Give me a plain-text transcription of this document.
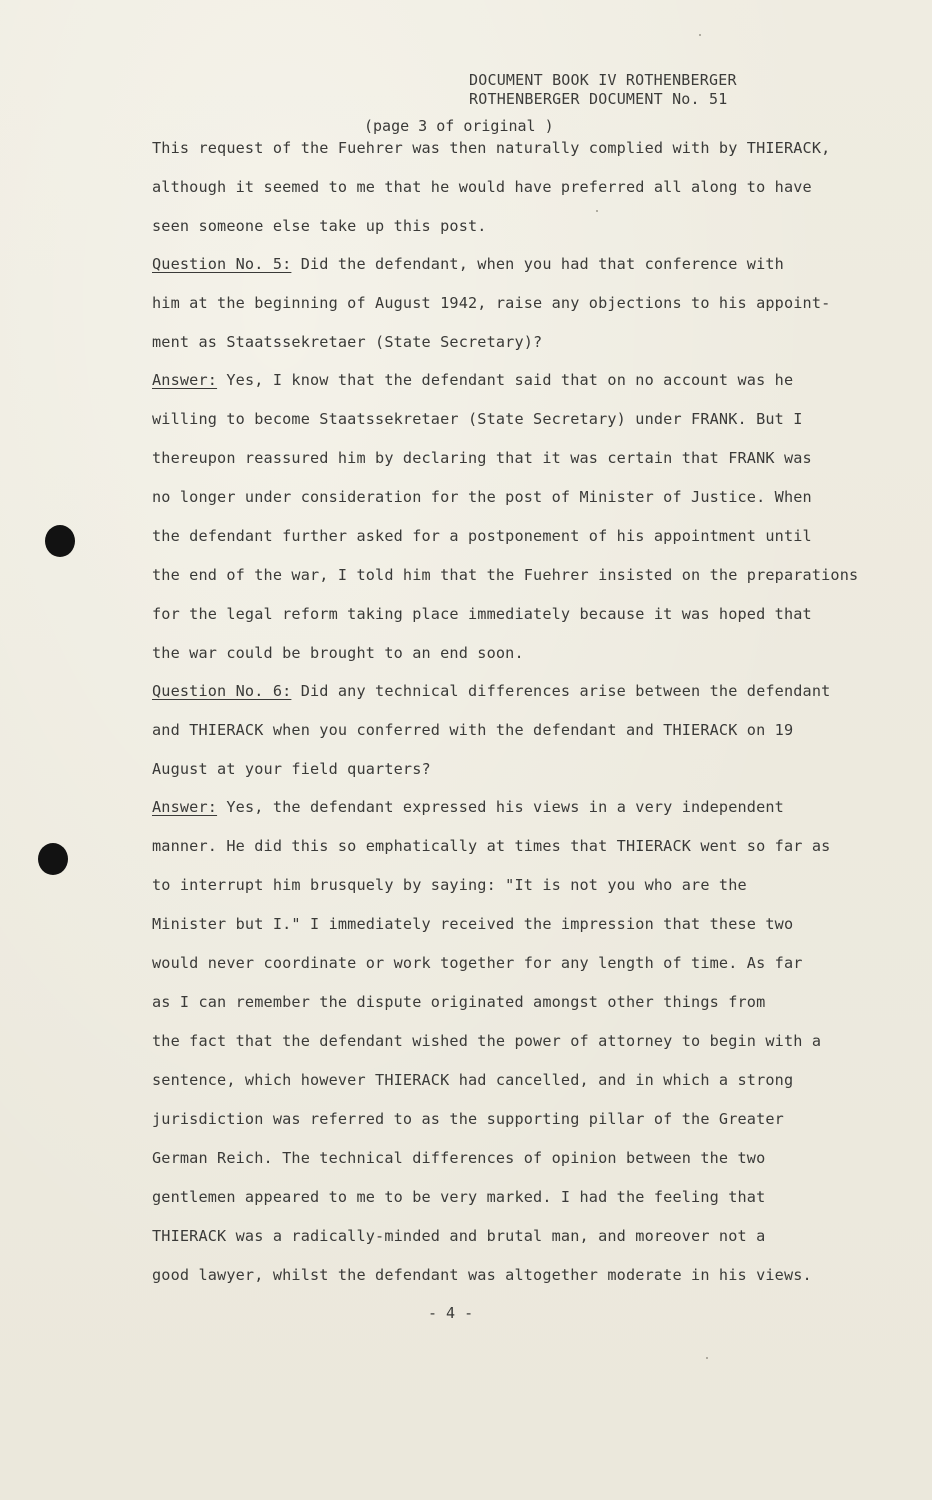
DOCUMENT BOOK IV ROTHENBERGER
ROTHENBERGER DOCUMENT No. 51
(page 3 of original )
This request of the Fuehrer was then naturally complied with by THIERACK,
although it seemed to me that he would have preferred all along to have
seen someone else take up this post.
Question No. 5: Did the defendant, when you had that conference with
him at the beginning of August 1942, raise any objections to his appoint-
ment as Staatssekretaer (State Secretary)?
Answer: Yes, I know that the defendant said that on no account was he
willing to become Staatssekretaer (State Secretary) under FRANK. But I
thereupon reassured him by declaring that it was certain that FRANK was
no longer under consideration for the post of Minister of Justice. When
the defendant further asked for a postponement of his appointment until
the end of the war, I told him that the Fuehrer insisted on the preparations
for the legal reform taking place immediately because it was hoped that
the war could be brought to an end soon.
Question No. 6: Did any technical differences arise between the defendant
and THIERACK when you conferred with the defendant and THIERACK on 19
August at your field quarters?
Answer: Yes, the defendant expressed his views in a very independent
manner. He did this so emphatically at times that THIERACK went so far as
to interrupt him brusquely by saying: "It is not you who are the
Minister but I." I immediately received the impression that these two
would never coordinate or work together for any length of time. As far
as I can remember the dispute originated amongst other things from
the fact that the defendant wished the power of attorney to begin with a
sentence, which however THIERACK had cancelled, and in which a strong
jurisdiction was referred to as the supporting pillar of the Greater
German Reich. The technical differences of opinion between the two
gentlemen appeared to me to be very marked. I had the feeling that
THIERACK was a radically-minded and brutal man, and moreover not a
good lawyer, whilst the defendant was altogether moderate in his views.
- 4 -
